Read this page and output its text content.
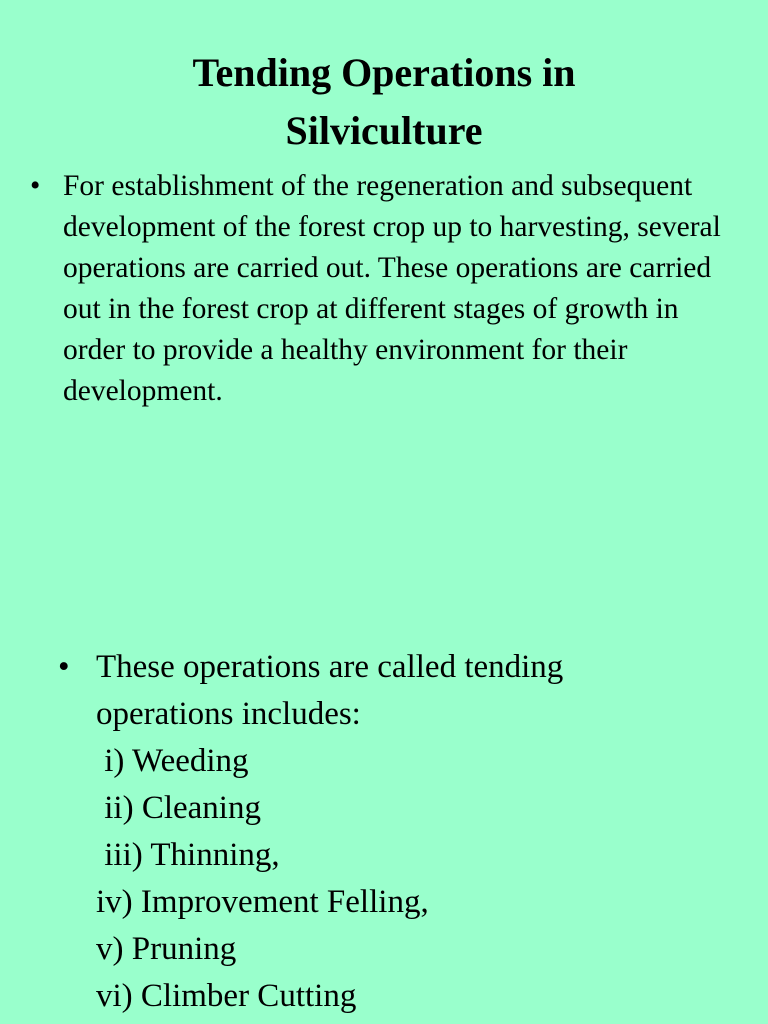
Tending Operations in
Silviculture
• For establishment of the regeneration and subsequent development of the forest crop up to harvesting, several operations are carried out. These operations are carried out in the forest crop at different stages of growth in order to provide a healthy environment for their development.
• These operations are called tending
operations includes:
i) Weeding
ii) Cleaning
iii) Thinning,
iv) Improvement Felling,
v) Pruning
vi) Climber Cutting
